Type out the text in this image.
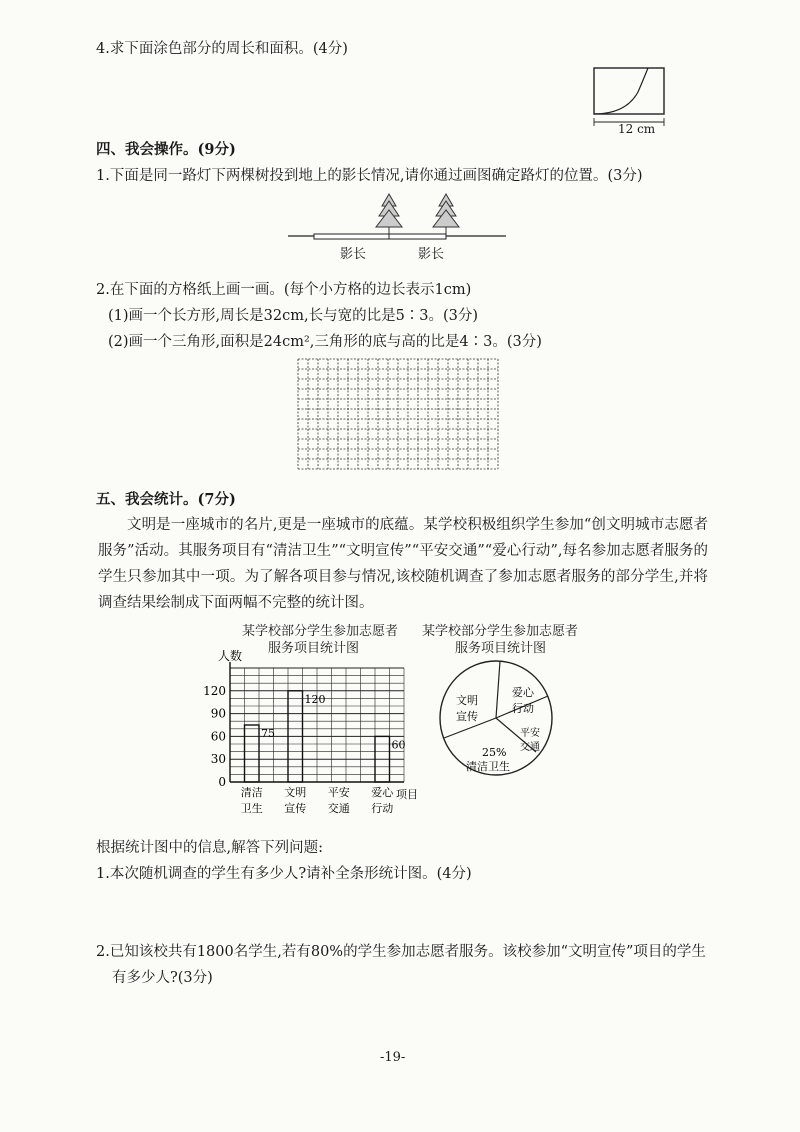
4.求下面涂色部分的周长和面积。(4分)
12 cm
四、我会操作。(9分)
1.下面是同一路灯下两棵树投到地上的影长情况,请你通过画图确定路灯的位置。(3分)
影长	影长
2.在下面的方格纸上画一画。(每个小方格的边长表示1cm)
(1)画一个长方形,周长是32cm,长与宽的比是5∶3。(3分)
(2)画一个三角形,面积是24cm²,三角形的底与高的比是4∶3。(3分)
五、我会统计。(7分)
文明是一座城市的名片,更是一座城市的底蕴。某学校积极组织学生参加“创文明城市志愿者服务”活动。其服务项目有“清洁卫生”“文明宣传”“平安交通”“爱心行动”,每名参加志愿者服务的学生只参加其中一项。为了解各项目参与情况,该校随机调查了参加志愿者服务的部分学生,并将调查结果绘制成下面两幅不完整的统计图。
某学校部分学生参加志愿者
服务项目统计图
某学校部分学生参加志愿者
服务项目统计图
人数
0
30
60
90
120
75
120
60
清洁
卫生
文明
宣传
平安
交通
爱心
行动
项目
文明
宣传
爱心
行动
平安
交通
25%
清洁卫生
根据统计图中的信息,解答下列问题:
1.本次随机调查的学生有多少人?请补全条形统计图。(4分)
2.已知该校共有1800名学生,若有80%的学生参加志愿者服务。该校参加“文明宣传”项目的学生
有多少人?(3分)
-19-
